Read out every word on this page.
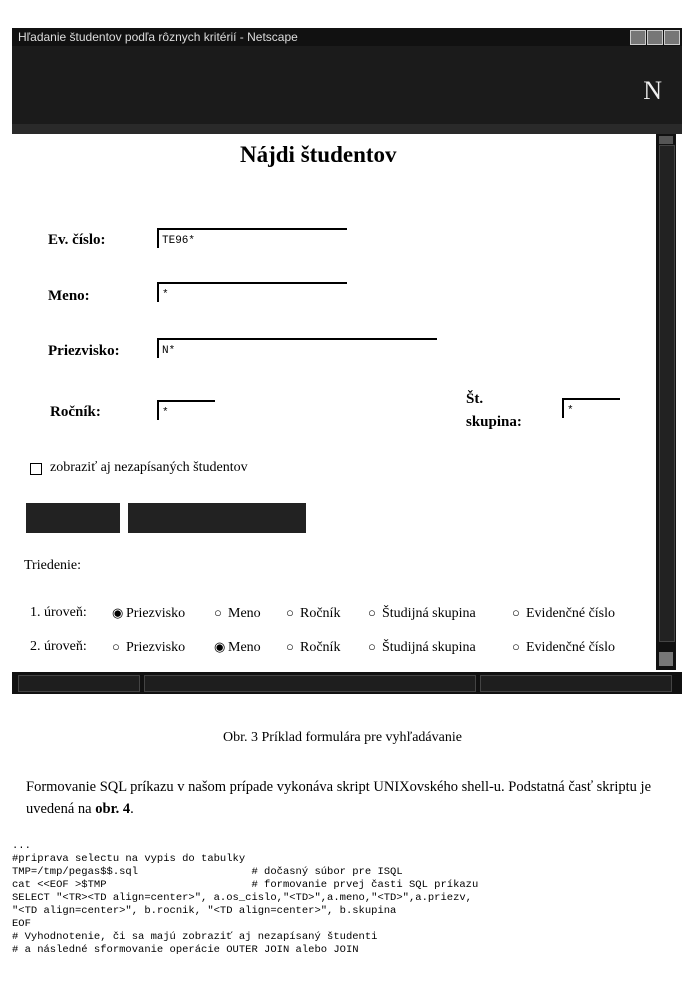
Hľadanie študentov podľa rôznych kritérií - Netscape
N
Nájdi študentov
Ev. číslo:	TE96*
Meno:	*
Priezvisko:	N*
Ročník:	*
Št.
skupina:
*
zobraziť aj nezapísaných študentov
Triedenie:
1. úroveň: ◉ Priezvisko ○ Meno ○ Ročník ○ Študijná skupina	○ Evidenčné číslo
2. úroveň: ○ Priezvisko ◉ Meno ○ Ročník ○ Študijná skupina	○ Evidenčné číslo
Obr. 3 Príklad formulára pre vyhľadávanie
Formovanie SQL príkazu v našom prípade vykonáva skript UNIXovského shell-u. Podstatná časť skriptu je uvedená na obr. 4.
...
#priprava selectu na vypis do tabulky
TMP=/tmp/pegas$$.sql                  # dočasný súbor pre ISQL
cat <<EOF >$TMP                       # formovanie prvej časti SQL príkazu
SELECT "<TR><TD align=center>", a.os_cislo,"<TD>",a.meno,"<TD>",a.priezv,
"<TD align=center>", b.rocnik, "<TD align=center>", b.skupina
EOF
# Vyhodnotenie, či sa majú zobraziť aj nezapísaný študenti
# a následné sformovanie operácie OUTER JOIN alebo JOIN
